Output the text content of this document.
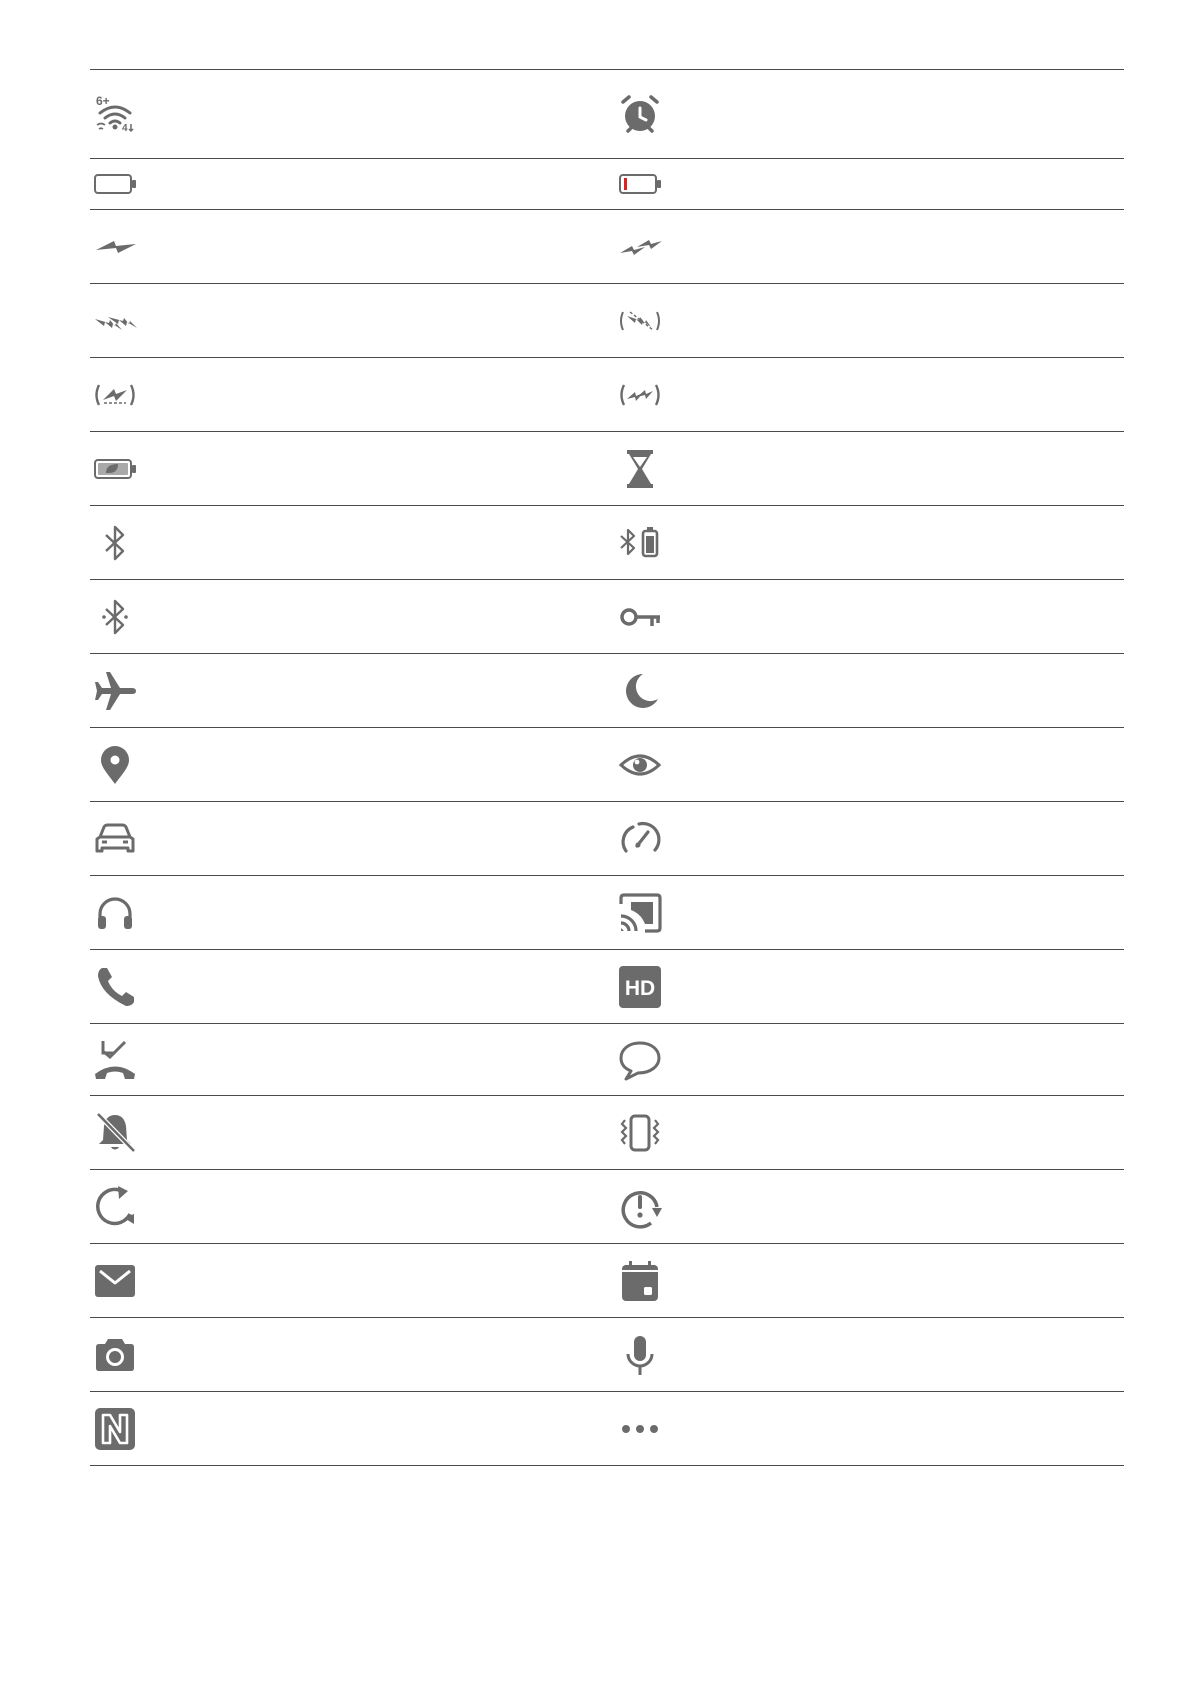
6+
4
HD
